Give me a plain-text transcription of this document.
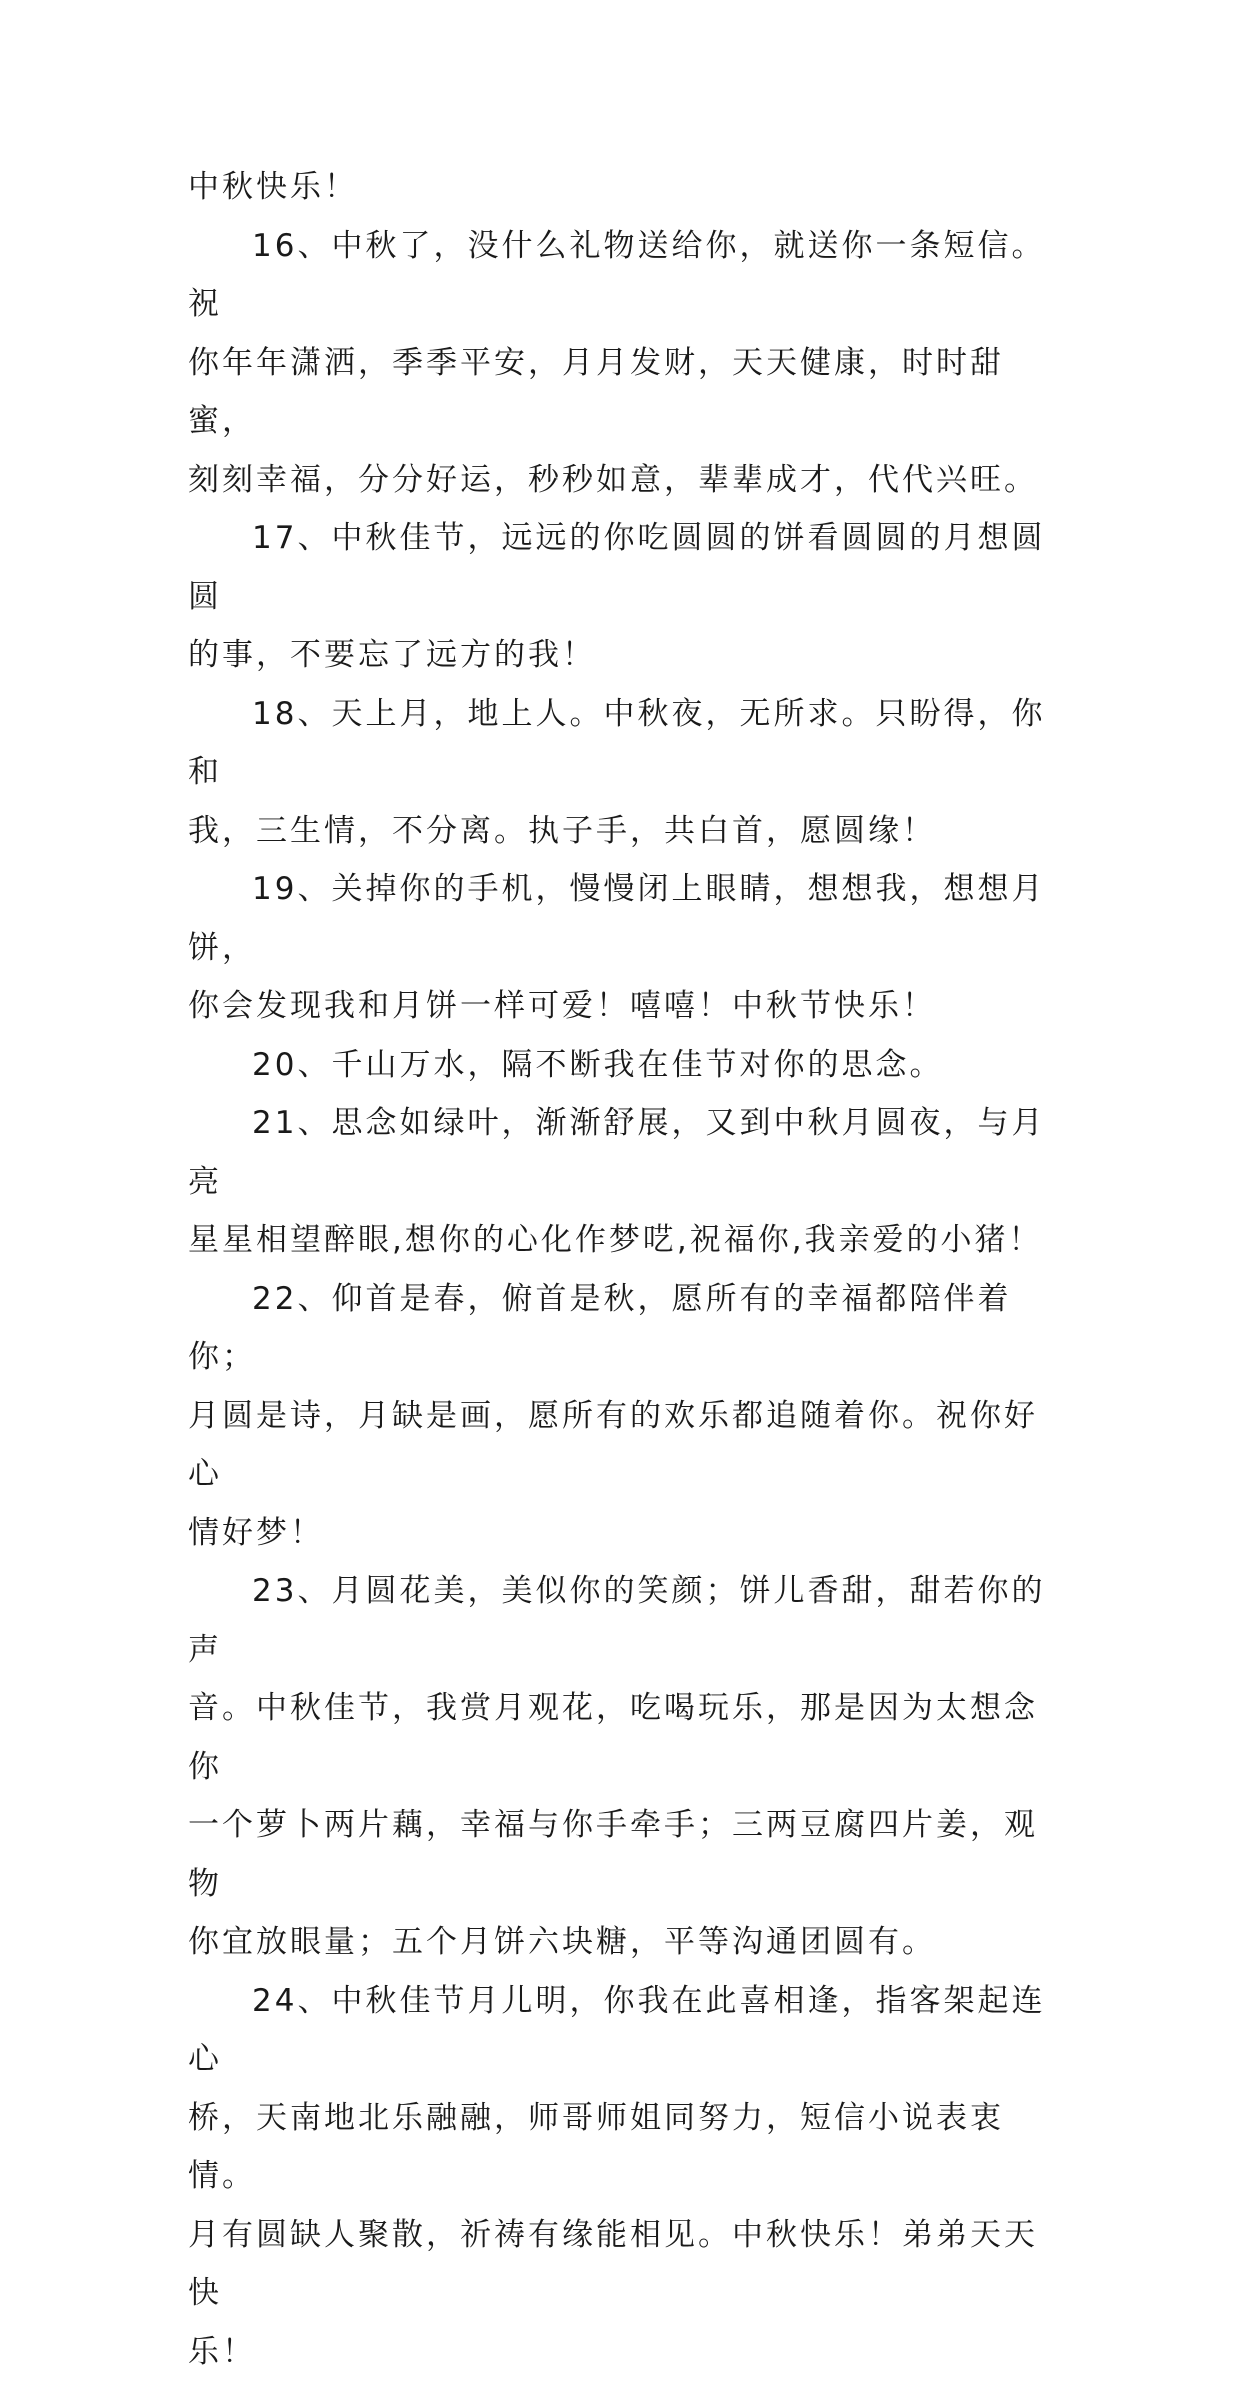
中秋快乐！

16、中秋了，没什么礼物送给你，就送你一条短信。祝
你年年潇洒，季季平安，月月发财，天天健康，时时甜蜜，
刻刻幸福，分分好运，秒秒如意，辈辈成才，代代兴旺。

17、中秋佳节，远远的你吃圆圆的饼看圆圆的月想圆圆
的事，不要忘了远方的我！

18、天上月，地上人。中秋夜，无所求。只盼得，你和
我，三生情，不分离。执子手，共白首，愿圆缘！

19、关掉你的手机，慢慢闭上眼睛，想想我，想想月饼，
你会发现我和月饼一样可爱！嘻嘻！中秋节快乐！

20、千山万水，隔不断我在佳节对你的思念。

21、思念如绿叶，渐渐舒展，又到中秋月圆夜，与月亮
星星相望醉眼,想你的心化作梦呓,祝福你,我亲爱的小猪！

22、仰首是春，俯首是秋，愿所有的幸福都陪伴着你；
月圆是诗，月缺是画，愿所有的欢乐都追随着你。祝你好心
情好梦！

23、月圆花美，美似你的笑颜；饼儿香甜，甜若你的声
音。中秋佳节，我赏月观花，吃喝玩乐，那是因为太想念你
一个萝卜两片藕，幸福与你手牵手；三两豆腐四片姜，观物
你宜放眼量；五个月饼六块糖，平等沟通团圆有。

24、中秋佳节月儿明，你我在此喜相逢，指客架起连心
桥，天南地北乐融融，师哥师姐同努力，短信小说表衷情。
月有圆缺人聚散，祈祷有缘能相见。中秋快乐！弟弟天天快
乐！
